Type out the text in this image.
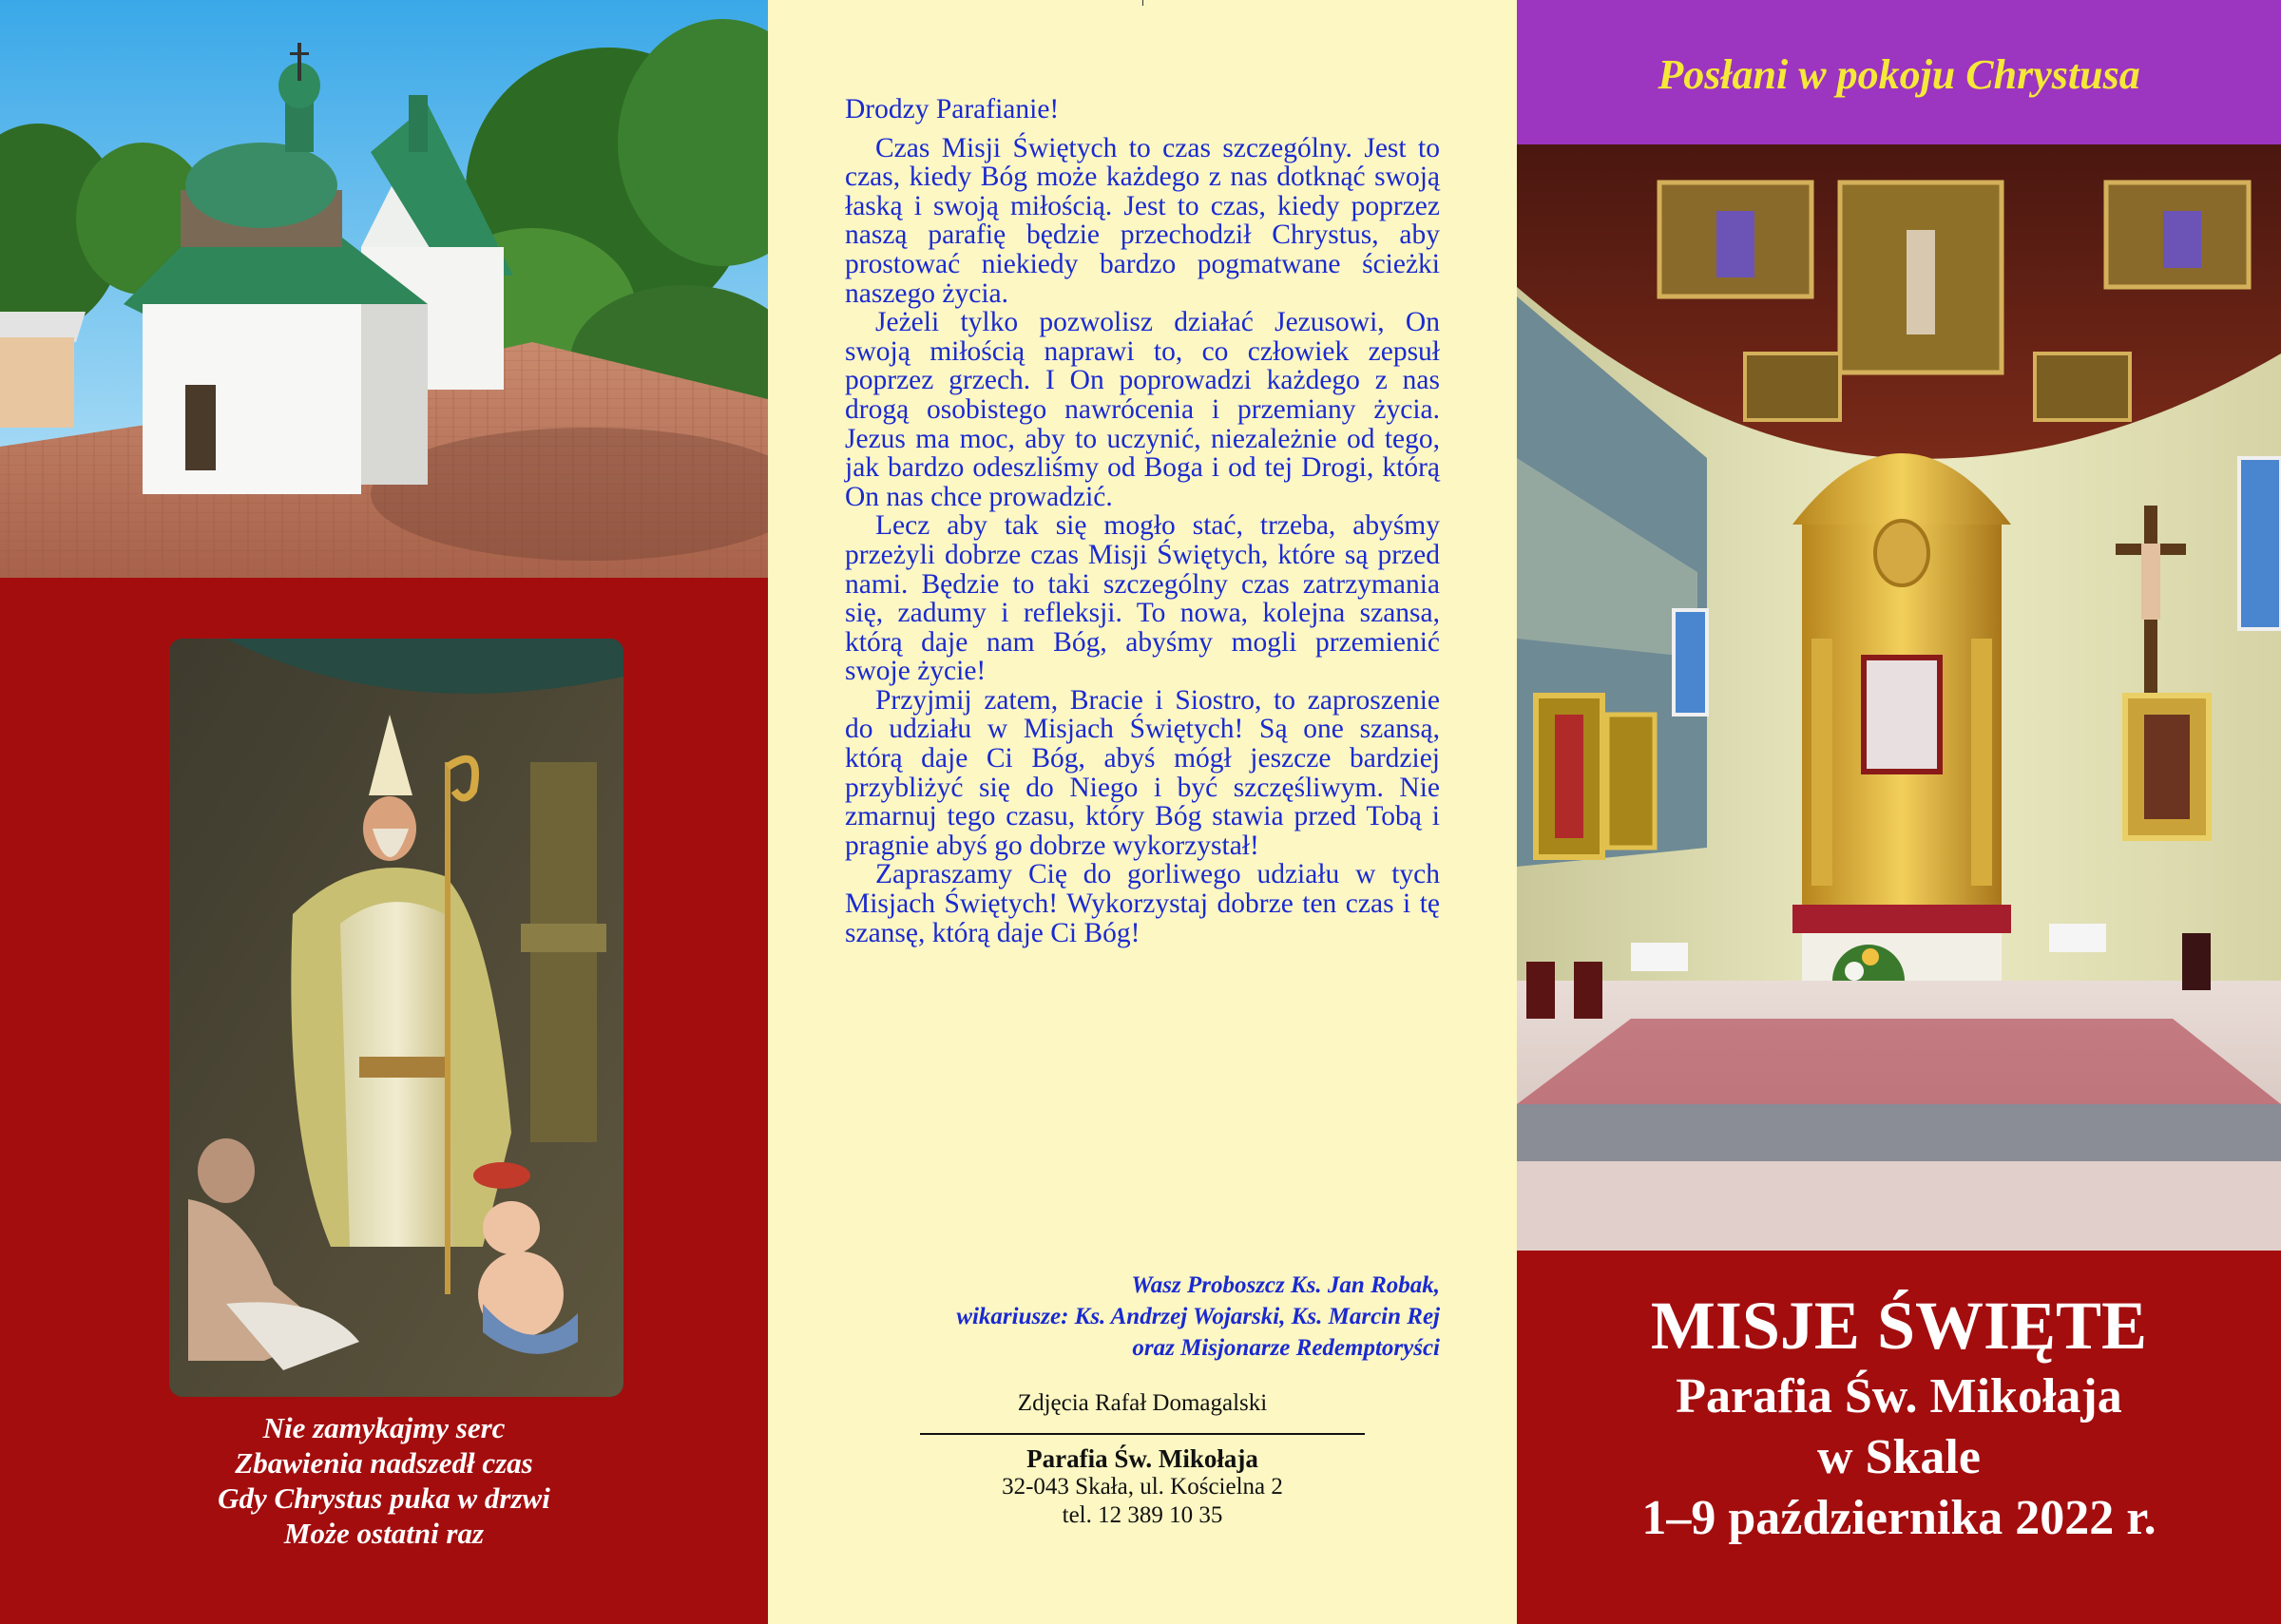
Nie zamykajmy serc
Zbawienia nadszedł czas
Gdy Chrystus puka w drzwi
Może ostatni raz

Drodzy Parafianie!

Czas Misji Świętych to czas szczególny. Jest to czas, kiedy Bóg może każdego z nas dotknąć swoją łaską i swoją miłością. Jest to czas, kiedy poprzez naszą parafię będzie przechodził Chrystus, aby prostować niekiedy bardzo pogmatwane ścieżki naszego życia.

Jeżeli tylko pozwolisz działać Jezusowi, On swoją miłością naprawi to, co człowiek zepsuł poprzez grzech. I On poprowadzi każdego z nas drogą osobistego nawrócenia i przemiany życia. Jezus ma moc, aby to uczynić, niezależnie od tego, jak bardzo odeszliśmy od Boga i od tej Drogi, którą On nas chce prowadzić.

Lecz aby tak się mogło stać, trzeba, abyśmy przeżyli dobrze czas Misji Świętych, które są przed nami. Będzie to taki szczególny czas zatrzymania się, zadumy i refleksji. To nowa, kolejna szansa, którą daje nam Bóg, abyśmy mogli przemienić swoje życie!

Przyjmij zatem, Bracie i Siostro, to zaproszenie do udziału w Misjach Świętych! Są one szansą, którą daje Ci Bóg, abyś mógł jeszcze bardziej przybliżyć się do Niego i być szczęśliwym. Nie zmarnuj tego czasu, który Bóg stawia przed Tobą i pragnie abyś go dobrze wykorzystał!

Zapraszamy Cię do gorliwego udziału w tych Misjach Świętych! Wykorzystaj dobrze ten czas i tę szansę, którą daje Ci Bóg!

Wasz Proboszcz Ks. Jan Robak,
wikariusze: Ks. Andrzej Wojarski, Ks. Marcin Rej
oraz Misjonarze Redemptoryści
Zdjęcia Rafał Domagalski
Parafia Św. Mikołaja
32-043 Skała, ul. Kościelna 2
tel. 12 389 10 35
Posłani w pokoju Chrystusa
MISJE ŚWIĘTE
Parafia Św. Mikołaja
w Skale
1–9 października 2022 r.
